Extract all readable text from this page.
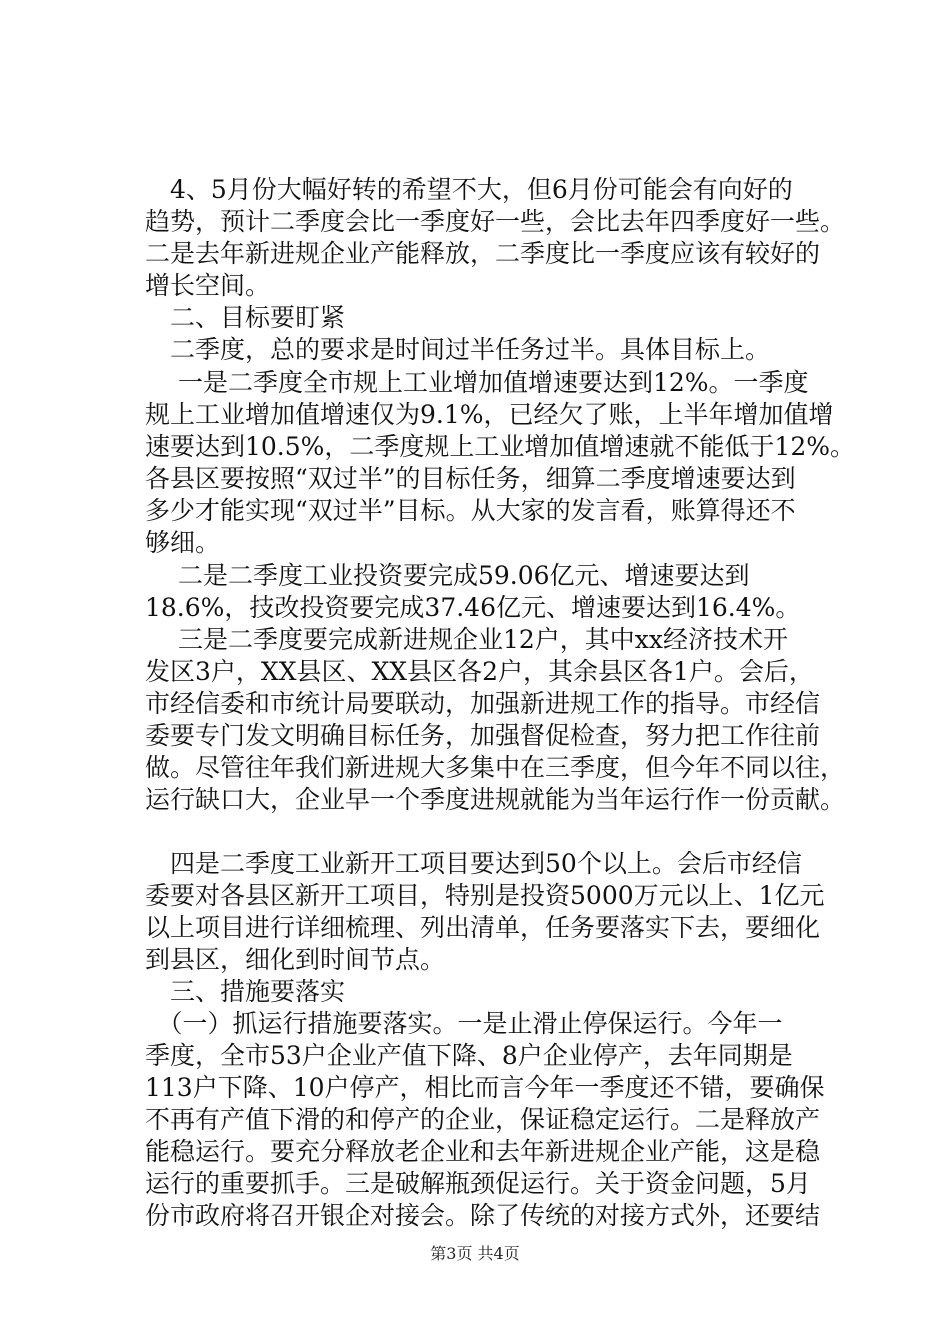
　4、5月份大幅好转的希望不大，但6月份可能会有向好的
趋势，预计二季度会比一季度好一些，会比去年四季度好一些。
二是去年新进规企业产能释放，二季度比一季度应该有较好的
增长空间。
　二、目标要盯紧
　二季度，总的要求是时间过半任务过半。具体目标上。
　 一是二季度全市规上工业增加值增速要达到12%。一季度
规上工业增加值增速仅为9.1%，已经欠了账，上半年增加值增
速要达到10.5%，二季度规上工业增加值增速就不能低于12%。
各县区要按照“双过半”的目标任务，细算二季度增速要达到
多少才能实现“双过半”目标。从大家的发言看，账算得还不
够细。
　 二是二季度工业投资要完成59.06亿元、增速要达到
18.6%，技改投资要完成37.46亿元、增速要达到16.4%。
　 三是二季度要完成新进规企业12户，其中xx经济技术开
发区3户，XX县区、XX县区各2户，其余县区各1户。会后，
市经信委和市统计局要联动，加强新进规工作的指导。市经信
委要专门发文明确目标任务，加强督促检查，努力把工作往前
做。尽管往年我们新进规大多集中在三季度，但今年不同以往，
运行缺口大，企业早一个季度进规就能为当年运行作一份贡献。
　四是二季度工业新开工项目要达到50个以上。会后市经信
委要对各县区新开工项目，特别是投资5000万元以上、1亿元
以上项目进行详细梳理、列出清单，任务要落实下去，要细化
到县区，细化到时间节点。
　三、措施要落实
　（一）抓运行措施要落实。一是止滑止停保运行。今年一
季度，全市53户企业产值下降、8户企业停产，去年同期是
113户下降、10户停产，相比而言今年一季度还不错，要确保
不再有产值下滑的和停产的企业，保证稳定运行。二是释放产
能稳运行。要充分释放老企业和去年新进规企业产能，这是稳
运行的重要抓手。三是破解瓶颈促运行。关于资金问题，5月
份市政府将召开银企对接会。除了传统的对接方式外，还要结
第3页 共4页
